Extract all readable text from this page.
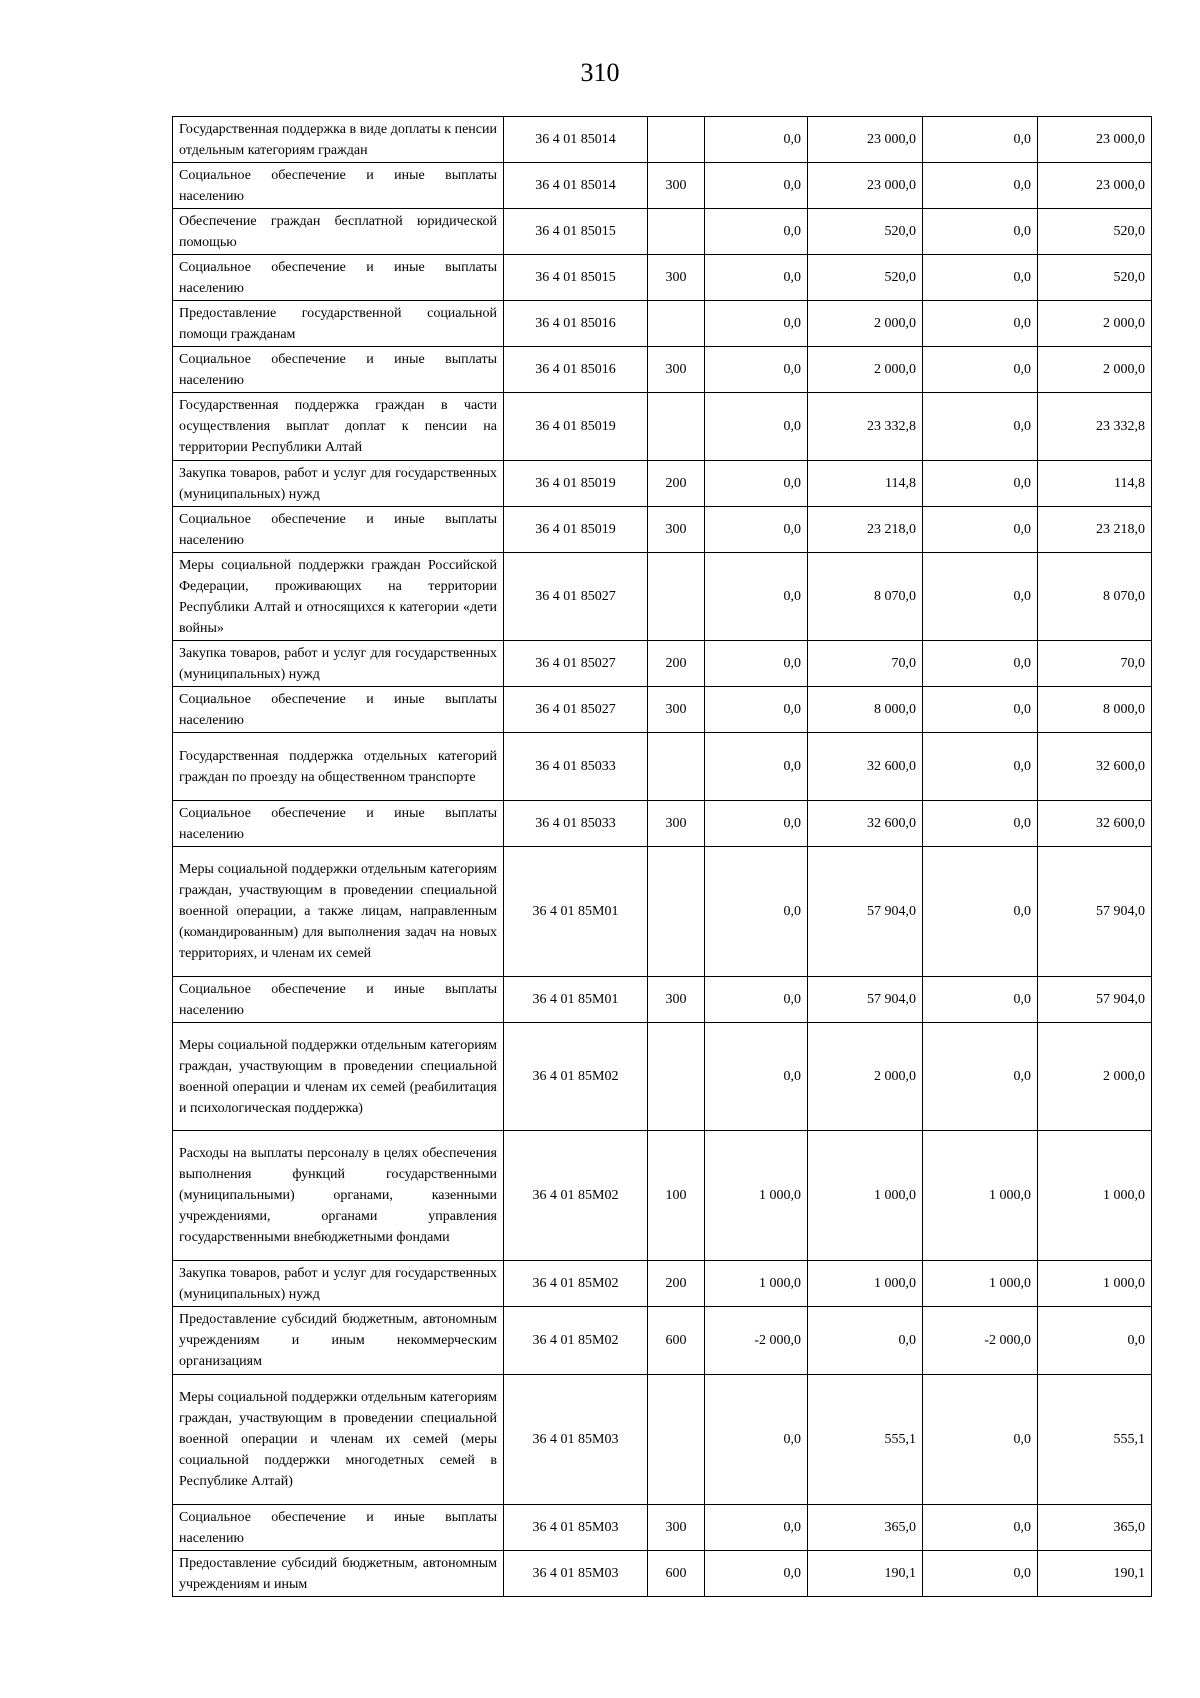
310
Государственная поддержка в виде доплаты к пенсии отдельным категориям граждан	36 4 01 85014		0,0	23 000,0	0,0	23 000,0
Социальное обеспечение и иные выплаты населению	36 4 01 85014	300	0,0	23 000,0	0,0	23 000,0
Обеспечение граждан бесплатной юридической помощью	36 4 01 85015		0,0	520,0	0,0	520,0
Социальное обеспечение и иные выплаты населению	36 4 01 85015	300	0,0	520,0	0,0	520,0
Предоставление государственной социальной помощи гражданам	36 4 01 85016		0,0	2 000,0	0,0	2 000,0
Социальное обеспечение и иные выплаты населению	36 4 01 85016	300	0,0	2 000,0	0,0	2 000,0
Государственная поддержка граждан в части осуществления выплат доплат к пенсии на территории Республики Алтай	36 4 01 85019		0,0	23 332,8	0,0	23 332,8
Закупка товаров, работ и услуг для государственных (муниципальных) нужд	36 4 01 85019	200	0,0	114,8	0,0	114,8
Социальное обеспечение и иные выплаты населению	36 4 01 85019	300	0,0	23 218,0	0,0	23 218,0
Меры социальной поддержки граждан Российской Федерации, проживающих на территории Республики Алтай и относящихся к категории «дети войны»	36 4 01 85027		0,0	8 070,0	0,0	8 070,0
Закупка товаров, работ и услуг для государственных (муниципальных) нужд	36 4 01 85027	200	0,0	70,0	0,0	70,0
Социальное обеспечение и иные выплаты населению	36 4 01 85027	300	0,0	8 000,0	0,0	8 000,0
Государственная поддержка отдельных категорий граждан по проезду на общественном транспорте	36 4 01 85033		0,0	32 600,0	0,0	32 600,0
Социальное обеспечение и иные выплаты населению	36 4 01 85033	300	0,0	32 600,0	0,0	32 600,0
Меры социальной поддержки отдельным категориям граждан, участвующим в проведении специальной военной операции, а также лицам, направленным (командированным) для выполнения задач на новых территориях, и членам их семей	36 4 01 85М01		0,0	57 904,0	0,0	57 904,0
Социальное обеспечение и иные выплаты населению	36 4 01 85М01	300	0,0	57 904,0	0,0	57 904,0
Меры социальной поддержки отдельным категориям граждан, участвующим в проведении специальной военной операции и членам их семей (реабилитация и психологическая поддержка)	36 4 01 85М02		0,0	2 000,0	0,0	2 000,0
Расходы на выплаты персоналу в целях обеспечения выполнения функций государственными (муниципальными) органами, казенными учреждениями, органами управления государственными внебюджетными фондами	36 4 01 85М02	100	1 000,0	1 000,0	1 000,0	1 000,0
Закупка товаров, работ и услуг для государственных (муниципальных) нужд	36 4 01 85М02	200	1 000,0	1 000,0	1 000,0	1 000,0
Предоставление субсидий бюджетным, автономным учреждениям и иным некоммерческим организациям	36 4 01 85М02	600	-2 000,0	0,0	-2 000,0	0,0
Меры социальной поддержки отдельным категориям граждан, участвующим в проведении специальной военной операции и членам их семей (меры социальной поддержки многодетных семей в Республике Алтай)	36 4 01 85М03		0,0	555,1	0,0	555,1
Социальное обеспечение и иные выплаты населению	36 4 01 85М03	300	0,0	365,0	0,0	365,0
Предоставление субсидий бюджетным, автономным учреждениям и иным	36 4 01 85М03	600	0,0	190,1	0,0	190,1
